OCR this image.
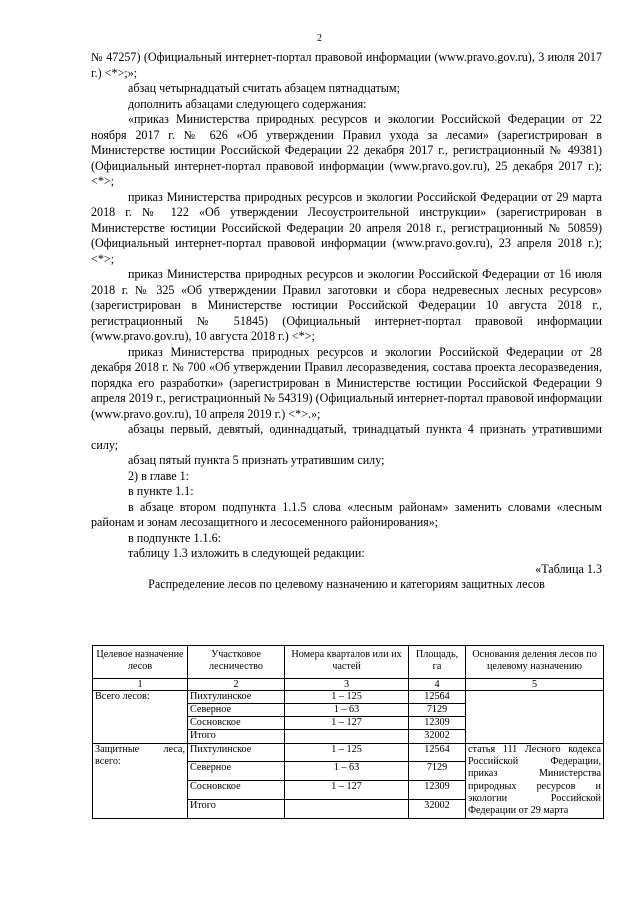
2

№ 47257) (Официальный интернет-портал правовой информации (www.pravo.gov.ru), 3 июля 2017 г.) <*>;»;

абзац четырнадцатый считать абзацем пятнадцатым;

дополнить абзацами следующего содержания:

«приказ Министерства природных ресурсов и экологии Российской Федерации от 22 ноября 2017 г. № 626 «Об утверждении Правил ухода за лесами» (зарегистрирован в Министерстве юстиции Российской Федерации 22 декабря 2017 г., регистрационный № 49381) (Официальный интернет-портал правовой информации (www.pravo.gov.ru), 25 декабря 2017 г.); <*>;

приказ Министерства природных ресурсов и экологии Российской Федерации от 29 марта 2018 г. № 122 «Об утверждении Лесоустроительной инструкции» (зарегистрирован в Министерстве юстиции Российской Федерации 20 апреля 2018 г., регистрационный № 50859) (Официальный интернет-портал правовой информации (www.pravo.gov.ru), 23 апреля 2018 г.); <*>;

приказ Министерства природных ресурсов и экологии Российской Федерации от 16 июля 2018 г. № 325 «Об утверждении Правил заготовки и сбора недревесных лесных ресурсов» (зарегистрирован в Министерстве юстиции Российской Федерации 10 августа 2018 г., регистрационный № 51845) (Официальный интернет-портал правовой информации (www.pravo.gov.ru), 10 августа 2018 г.) <*>;

приказ Министерства природных ресурсов и экологии Российской Федерации от 28 декабря 2018 г. № 700 «Об утверждении Правил лесоразведения, состава проекта лесоразведения, порядка его разработки» (зарегистрирован в Министерстве юстиции Российской Федерации 9 апреля 2019 г., регистрационный № 54319) (Официальный интернет-портал правовой информации (www.pravo.gov.ru), 10 апреля 2019 г.) <*>.»;

абзацы первый, девятый, одиннадцатый, тринадцатый пункта 4 признать утратившими силу;

абзац пятый пункта 5 признать утратившим силу;

2) в главе 1:

в пункте 1.1:

в абзаце втором подпункта 1.1.5 слова «лесным районам» заменить словами «лесным районам и зонам лесозащитного и лесосеменного районирования»;

в подпункте 1.1.6:

таблицу 1.3 изложить в следующей редакции:

«Таблица 1.3

Распределение лесов по целевому назначению и категориям защитных лесов

Целевое назначение лесов	Участковое лесничество	Номера кварталов или их частей	Площадь, га	Основания деления лесов по целевому назначению
1	2	3	4	5
Всего лесов:	Пихтулинское	1 – 125	12564	
	Северное	1 – 63	7129	
	Сосновское	1 – 127	12309	
	Итого		32002	
Защитные леса, всего:	Пихтулинское	1 – 125	12564	статья 111 Лесного кодекса Российской Федерации, приказ Министерства природных ресурсов и экологии Российской Федерации от 29 марта
	Северное	1 – 63	7129	
	Сосновское	1 – 127	12309	
	Итого		32002	
